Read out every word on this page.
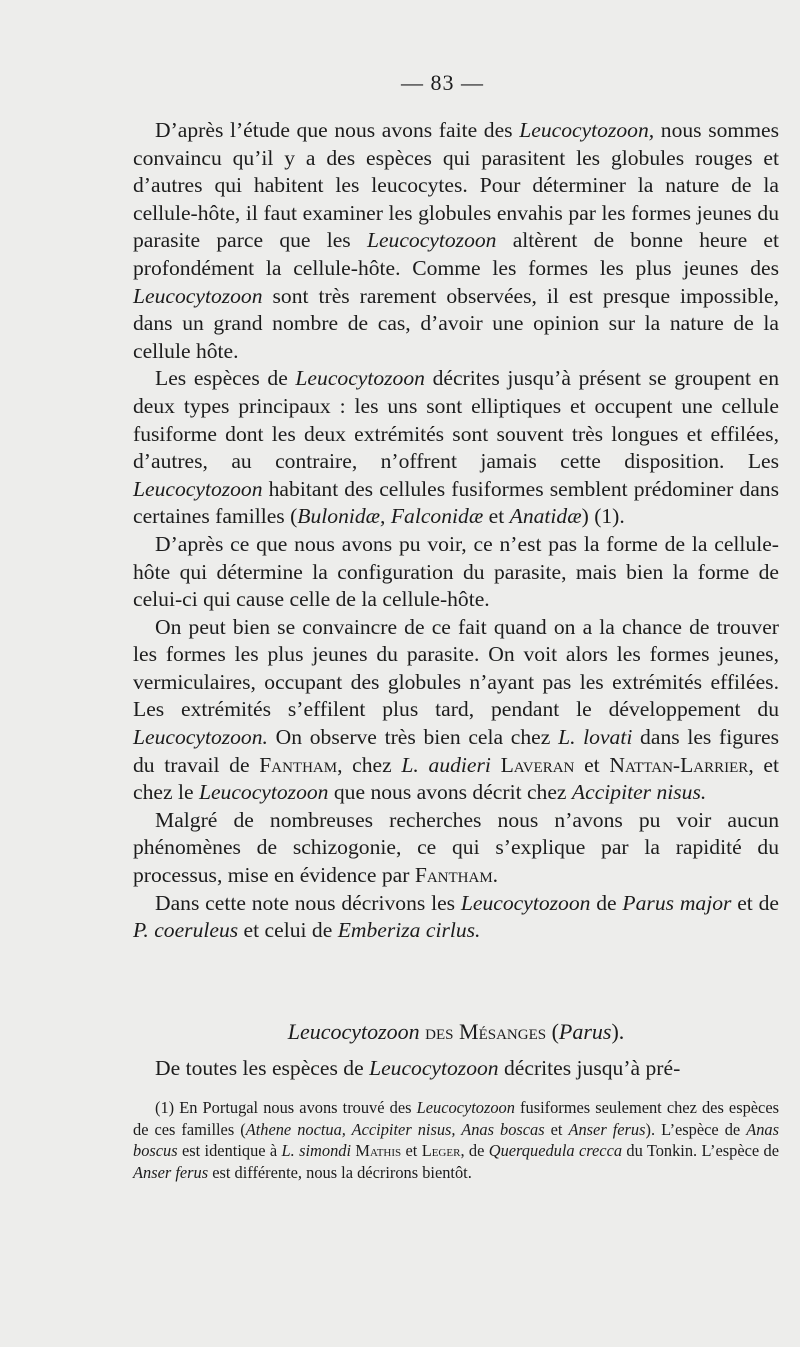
— 83 —

D’après l’étude que nous avons faite des Leucocytozoon, nous sommes convaincu qu’il y a des espèces qui parasitent les globules rouges et d’autres qui habitent les leucocytes. Pour déterminer la nature de la cellule-hôte, il faut examiner les globules envahis par les formes jeunes du parasite parce que les Leucocytozoon altèrent de bonne heure et profondément la cellule-hôte. Comme les formes les plus jeunes des Leucocytozoon sont très rarement observées, il est presque impossible, dans un grand nombre de cas, d’avoir une opinion sur la nature de la cellule hôte.

Les espèces de Leucocytozoon décrites jusqu’à présent se groupent en deux types principaux : les uns sont elliptiques et occupent une cellule fusiforme dont les deux extrémités sont souvent très longues et effilées, d’autres, au contraire, n’offrent jamais cette disposition. Les Leucocytozoon habitant des cellules fusiformes semblent prédominer dans certaines familles (Bulonidæ, Falconidæ et Anatidæ) (1).

D’après ce que nous avons pu voir, ce n’est pas la forme de la cellule-hôte qui détermine la configuration du parasite, mais bien la forme de celui-ci qui cause celle de la cellule-hôte.

On peut bien se convaincre de ce fait quand on a la chance de trouver les formes les plus jeunes du parasite. On voit alors les formes jeunes, vermiculaires, occupant des globules n’ayant pas les extrémités effilées. Les extrémités s’effilent plus tard, pendant le développement du Leucocytozoon. On observe très bien cela chez L. lovati dans les figures du travail de Fantham, chez L. audieri Laveran et Nattan-Larrier, et chez le Leucocytozoon que nous avons décrit chez Accipiter nisus.

Malgré de nombreuses recherches nous n’avons pu voir aucun phénomènes de schizogonie, ce qui s’explique par la rapidité du processus, mise en évidence par Fantham.

Dans cette note nous décrivons les Leucocytozoon de Parus major et de P. coeruleus et celui de Emberiza cirlus.

Leucocytozoon des Mésanges (Parus).

De toutes les espèces de Leucocytozoon décrites jusqu’à pré-

(1) En Portugal nous avons trouvé des Leucocytozoon fusiformes seulement chez des espèces de ces familles (Athene noctua, Accipiter nisus, Anas boscas et Anser ferus). L’espèce de Anas boscus est identique à L. simondi Mathis et Leger, de Querquedula crecca du Tonkin. L’espèce de Anser ferus est différente, nous la décrirons bientôt.
